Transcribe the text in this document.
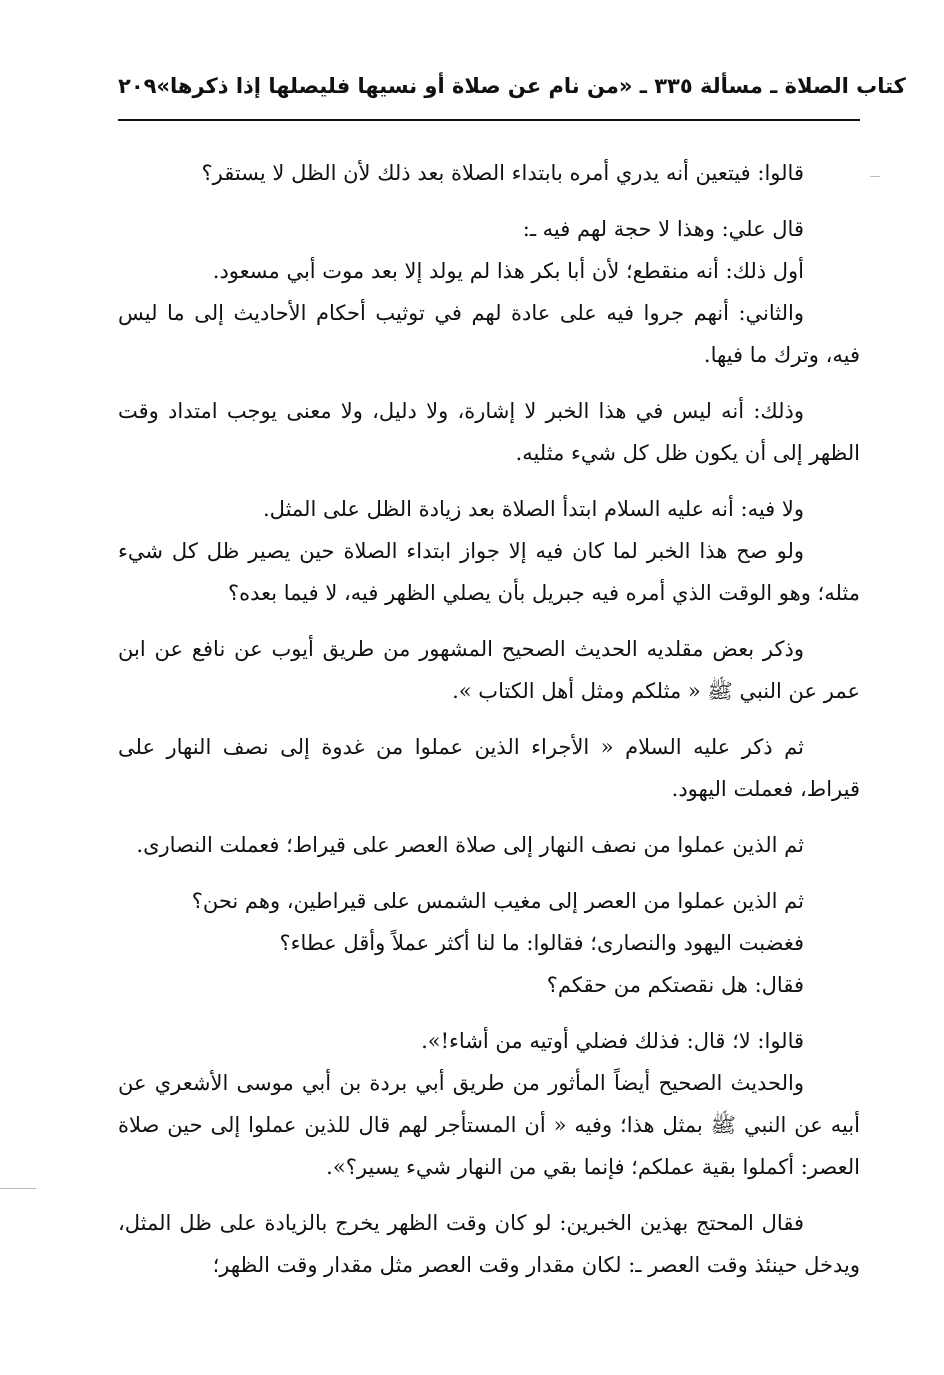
٢٠٩ كتاب الصلاة ـ مسألة ٣٣٥ ـ «من نام عن صلاة أو نسيها فليصلها إذا ذكرها»

قالوا: فيتعين أنه يدري أمره بابتداء الصلاة بعد ذلك لأن الظل لا يستقر؟

قال علي: وهذا لا حجة لهم فيه ـ:

أول ذلك: أنه منقطع؛ لأن أبا بكر هذا لم يولد إلا بعد موت أبي مسعود.

والثاني: أنهم جروا فيه على عادة لهم في توثيب أحكام الأحاديث إلى ما ليس فيه، وترك ما فيها.

وذلك: أنه ليس في هذا الخبر لا إشارة، ولا دليل، ولا معنى يوجب امتداد وقت الظهر إلى أن يكون ظل كل شيء مثليه.

ولا فيه: أنه عليه السلام ابتدأ الصلاة بعد زيادة الظل على المثل.

ولو صح هذا الخبر لما كان فيه إلا جواز ابتداء الصلاة حين يصير ظل كل شيء مثله؛ وهو الوقت الذي أمره فيه جبريل بأن يصلي الظهر فيه، لا فيما بعده؟

وذكر بعض مقلديه الحديث الصحيح المشهور من طريق أيوب عن نافع عن ابن عمر عن النبي ﷺ « مثلكم ومثل أهل الكتاب ».

ثم ذكر عليه السلام « الأجراء الذين عملوا من غدوة إلى نصف النهار على قيراط، فعملت اليهود.

ثم الذين عملوا من نصف النهار إلى صلاة العصر على قيراط؛ فعملت النصارى.

ثم الذين عملوا من العصر إلى مغيب الشمس على قيراطين، وهم نحن؟

فغضبت اليهود والنصارى؛ فقالوا: ما لنا أكثر عملاً وأقل عطاء؟

فقال: هل نقصتكم من حقكم؟

قالوا: لا؛ قال: فذلك فضلي أوتيه من أشاء!».

والحديث الصحيح أيضاً المأثور من طريق أبي بردة بن أبي موسى الأشعري عن أبيه عن النبي ﷺ بمثل هذا؛ وفيه « أن المستأجر لهم قال للذين عملوا إلى حين صلاة العصر: أكملوا بقية عملكم؛ فإنما بقي من النهار شيء يسير؟».

فقال المحتج بهذين الخبرين: لو كان وقت الظهر يخرج بالزيادة على ظل المثل، ويدخل حينئذ وقت العصر ـ: لكان مقدار وقت العصر مثل مقدار وقت الظهر؛
